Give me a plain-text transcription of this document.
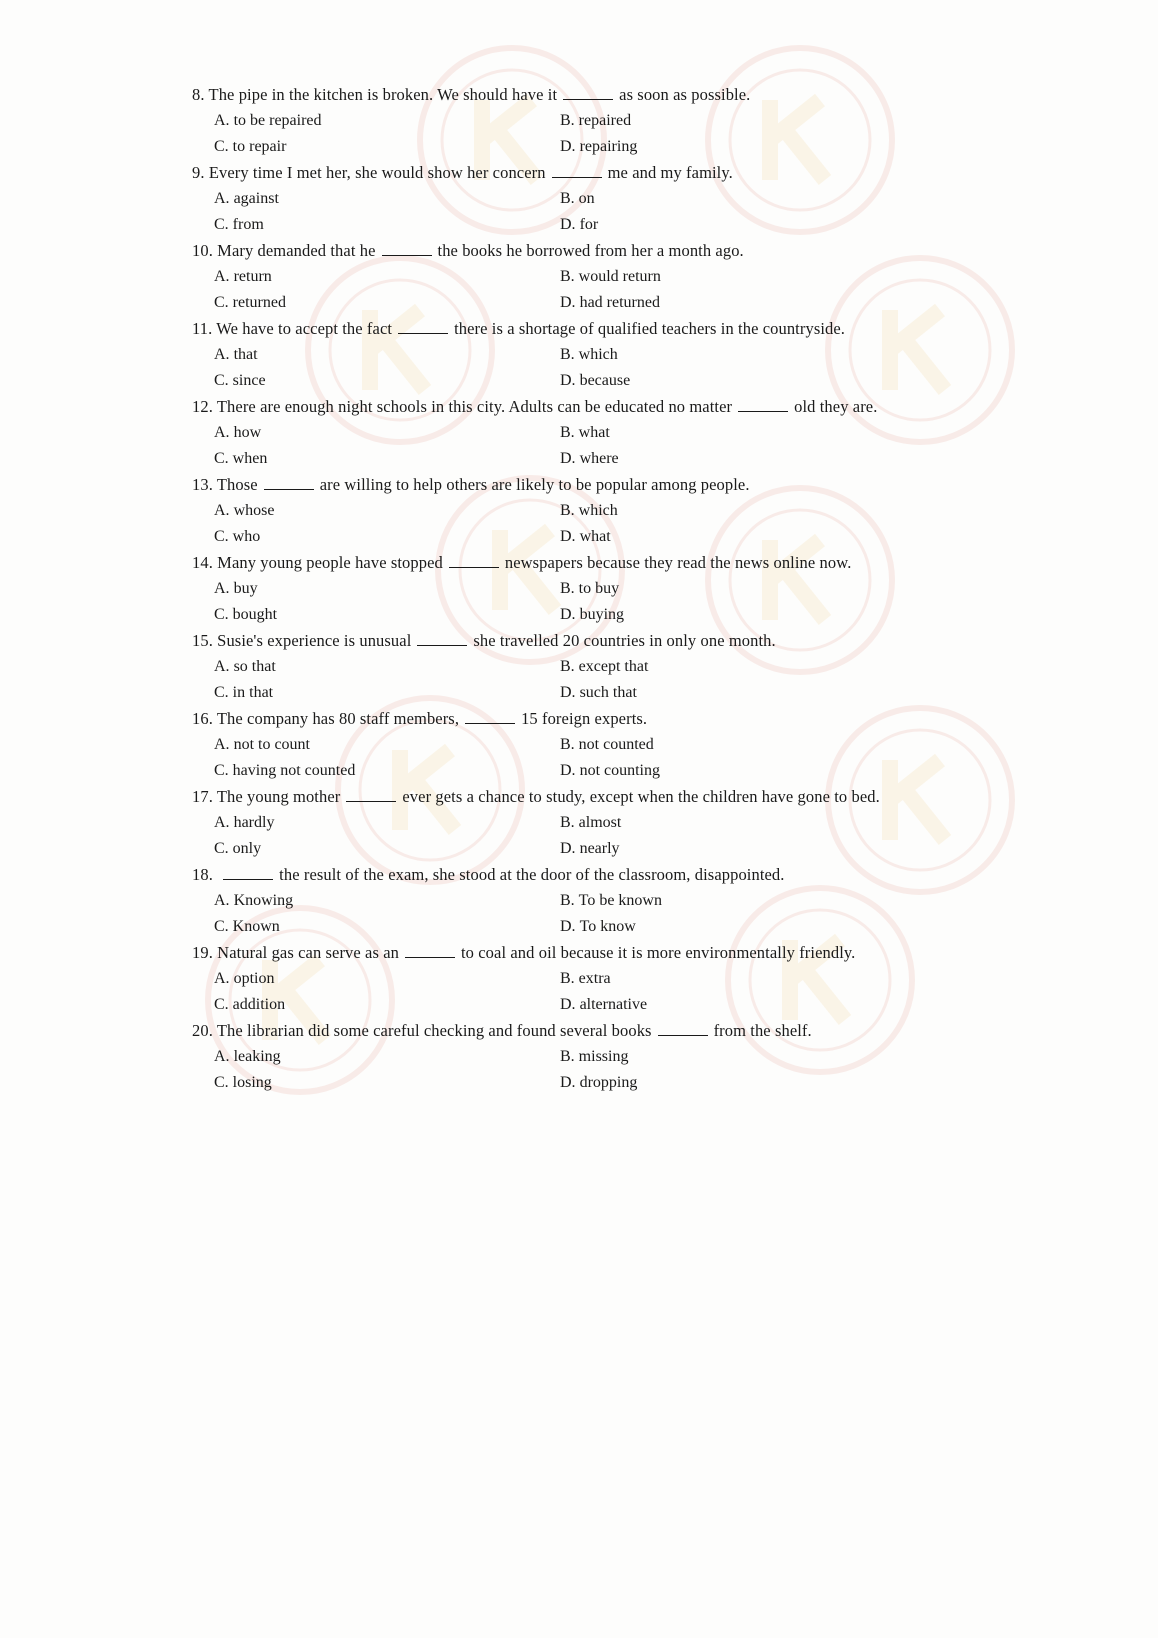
8. The pipe in the kitchen is broken. We should have it	as soon as possible.
A. to be repaired	B. repaired
C. to repair	D. repairing
9. Every time I met her, she would show her concern	me and my family.
A. against	B. on
C. from	D. for
10. Mary demanded that he	the books he borrowed from her a month ago.
A. return	B. would return
C. returned	D. had returned
11. We have to accept the fact	there is a shortage of qualified teachers in the countryside.
A. that	B. which
C. since	D. because
12. There are enough night schools in this city. Adults can be educated no matter	old they are.
A. how	B. what
C. when	D. where
13. Those	are willing to help others are likely to be popular among people.
A. whose	B. which
C. who	D. what
14. Many young people have stopped	newspapers because they read the news online now.
A. buy	B. to buy
C. bought	D. buying
15. Susie's experience is unusual	she travelled 20 countries in only one month.
A. so that	B. except that
C. in that	D. such that
16. The company has 80 staff members,	15 foreign experts.
A. not to count	B. not counted
C. having not counted	D. not counting
17. The young mother	ever gets a chance to study, except when the children have gone to bed.
A. hardly	B. almost
C. only	D. nearly
18.	the result of the exam, she stood at the door of the classroom, disappointed.
A. Knowing	B. To be known
C. Known	D. To know
19. Natural gas can serve as an	to coal and oil because it is more environmentally friendly.
A. option	B. extra
C. addition	D. alternative
20. The librarian did some careful checking and found several books	from the shelf.
A. leaking	B. missing
C. losing	D. dropping
